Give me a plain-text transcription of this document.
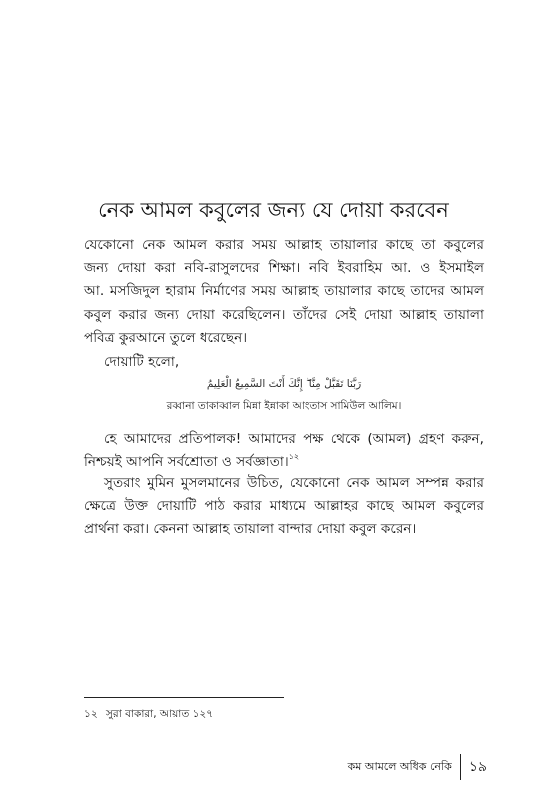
নেক আমল কবুলের জন্য যে দোয়া করবেন
যেকোনো নেক আমল করার সময় আল্লাহ তায়ালার কাছে তা কবুলের
জন্য দোয়া করা নবি-রাসুলদের শিক্ষা। নবি ইবরাহিম আ. ও ইসমাইল
আ. মসজিদুল হারাম নির্মাণের সময় আল্লাহ তায়ালার কাছে তাদের আমল
কবুল করার জন্য দোয়া করেছিলেন। তাঁদের সেই দোয়া আল্লাহ তায়ালা
পবিত্র কুরআনে তুলে ধরেছেন।
দোয়াটি হলো,
رَبَّنَا تَقَبَّلْ مِنَّا ۖ إِنَّكَ أَنْتَ السَّمِيعُ الْعَلِيمُ
রব্বানা তাকাব্বাল মিন্না ইন্নাকা আংতাস সামিউল আলিম।
হে আমাদের প্রতিপালক! আমাদের পক্ষ থেকে (আমল) গ্রহণ করুন,
নিশ্চয়ই আপনি সর্বশ্রোতা ও সর্বজ্ঞাতা।$^{১২}$
সুতরাং মুমিন মুসলমানের উচিত, যেকোনো নেক আমল সম্পন্ন করার
ক্ষেত্রে উক্ত দোয়াটি পাঠ করার মাধ্যমে আল্লাহর কাছে আমল কবুলের
প্রার্থনা করা। কেননা আল্লাহ তায়ালা বান্দার দোয়া কবুল করেন।
১২ সুরা বাকারা, আয়াত ১২৭
কম আমলে অধিক নেকি	১৯
